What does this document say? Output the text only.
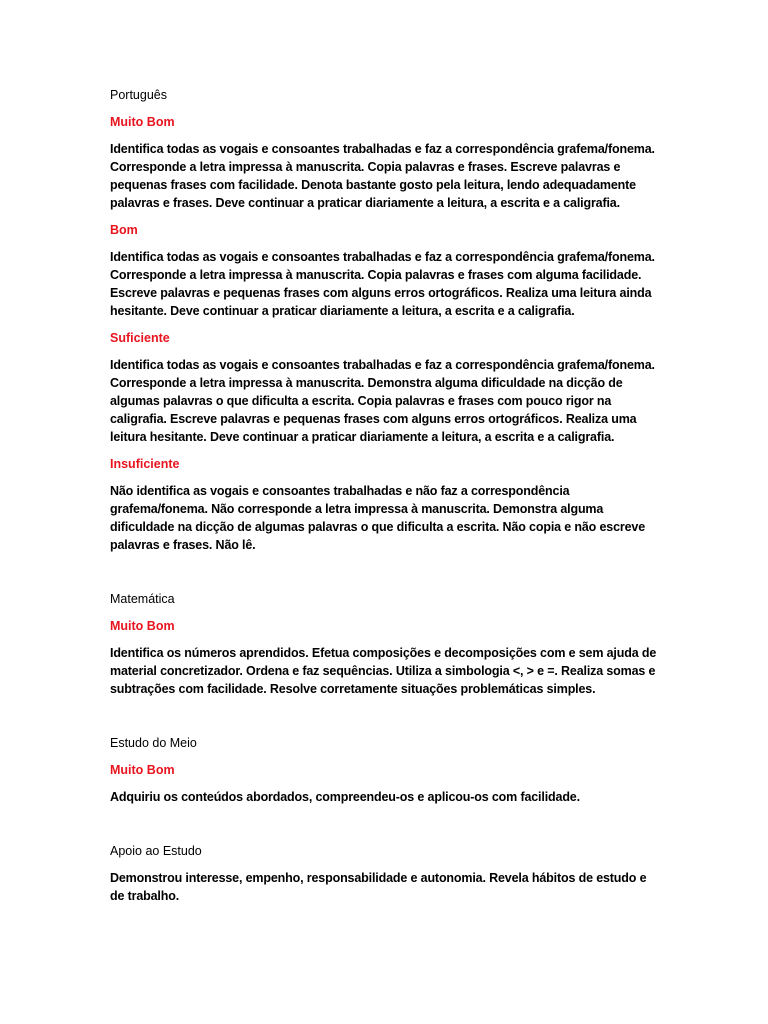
Português

Muito Bom

Identifica todas as vogais e consoantes trabalhadas e faz a correspondência grafema/fonema. Corresponde a letra impressa à manuscrita. Copia palavras e frases. Escreve palavras e pequenas frases com facilidade. Denota bastante gosto pela leitura, lendo adequadamente palavras e frases. Deve continuar a praticar diariamente a leitura, a escrita e a caligrafia.

Bom

Identifica todas as vogais e consoantes trabalhadas e faz a correspondência grafema/fonema. Corresponde a letra impressa à manuscrita. Copia palavras e frases com alguma facilidade. Escreve palavras e pequenas frases com alguns erros ortográficos. Realiza uma leitura ainda hesitante. Deve continuar a praticar diariamente a leitura, a escrita e a caligrafia.

Suficiente

Identifica todas as vogais e consoantes trabalhadas e faz a correspondência grafema/fonema. Corresponde a letra impressa à manuscrita. Demonstra alguma dificuldade na dicção de algumas palavras o que dificulta a escrita. Copia palavras e frases com pouco rigor na caligrafia. Escreve palavras e pequenas frases com alguns erros ortográficos. Realiza uma leitura hesitante. Deve continuar a praticar diariamente a leitura, a escrita e a caligrafia.

Insuficiente

Não identifica as vogais e consoantes trabalhadas e não faz a correspondência grafema/fonema. Não corresponde a letra impressa à manuscrita. Demonstra alguma dificuldade na dicção de algumas palavras o que dificulta a escrita. Não copia e não escreve palavras e frases. Não lê.

Matemática

Muito Bom

Identifica os números aprendidos. Efetua composições e decomposições com e sem ajuda de material concretizador. Ordena e faz sequências. Utiliza a simbologia <, > e =. Realiza somas e subtrações com facilidade. Resolve corretamente situações problemáticas simples.

Estudo do Meio

Muito Bom

Adquiriu os conteúdos abordados, compreendeu-os e aplicou-os com facilidade.

Apoio ao Estudo

Demonstrou interesse, empenho, responsabilidade e autonomia. Revela hábitos de estudo e de trabalho.
